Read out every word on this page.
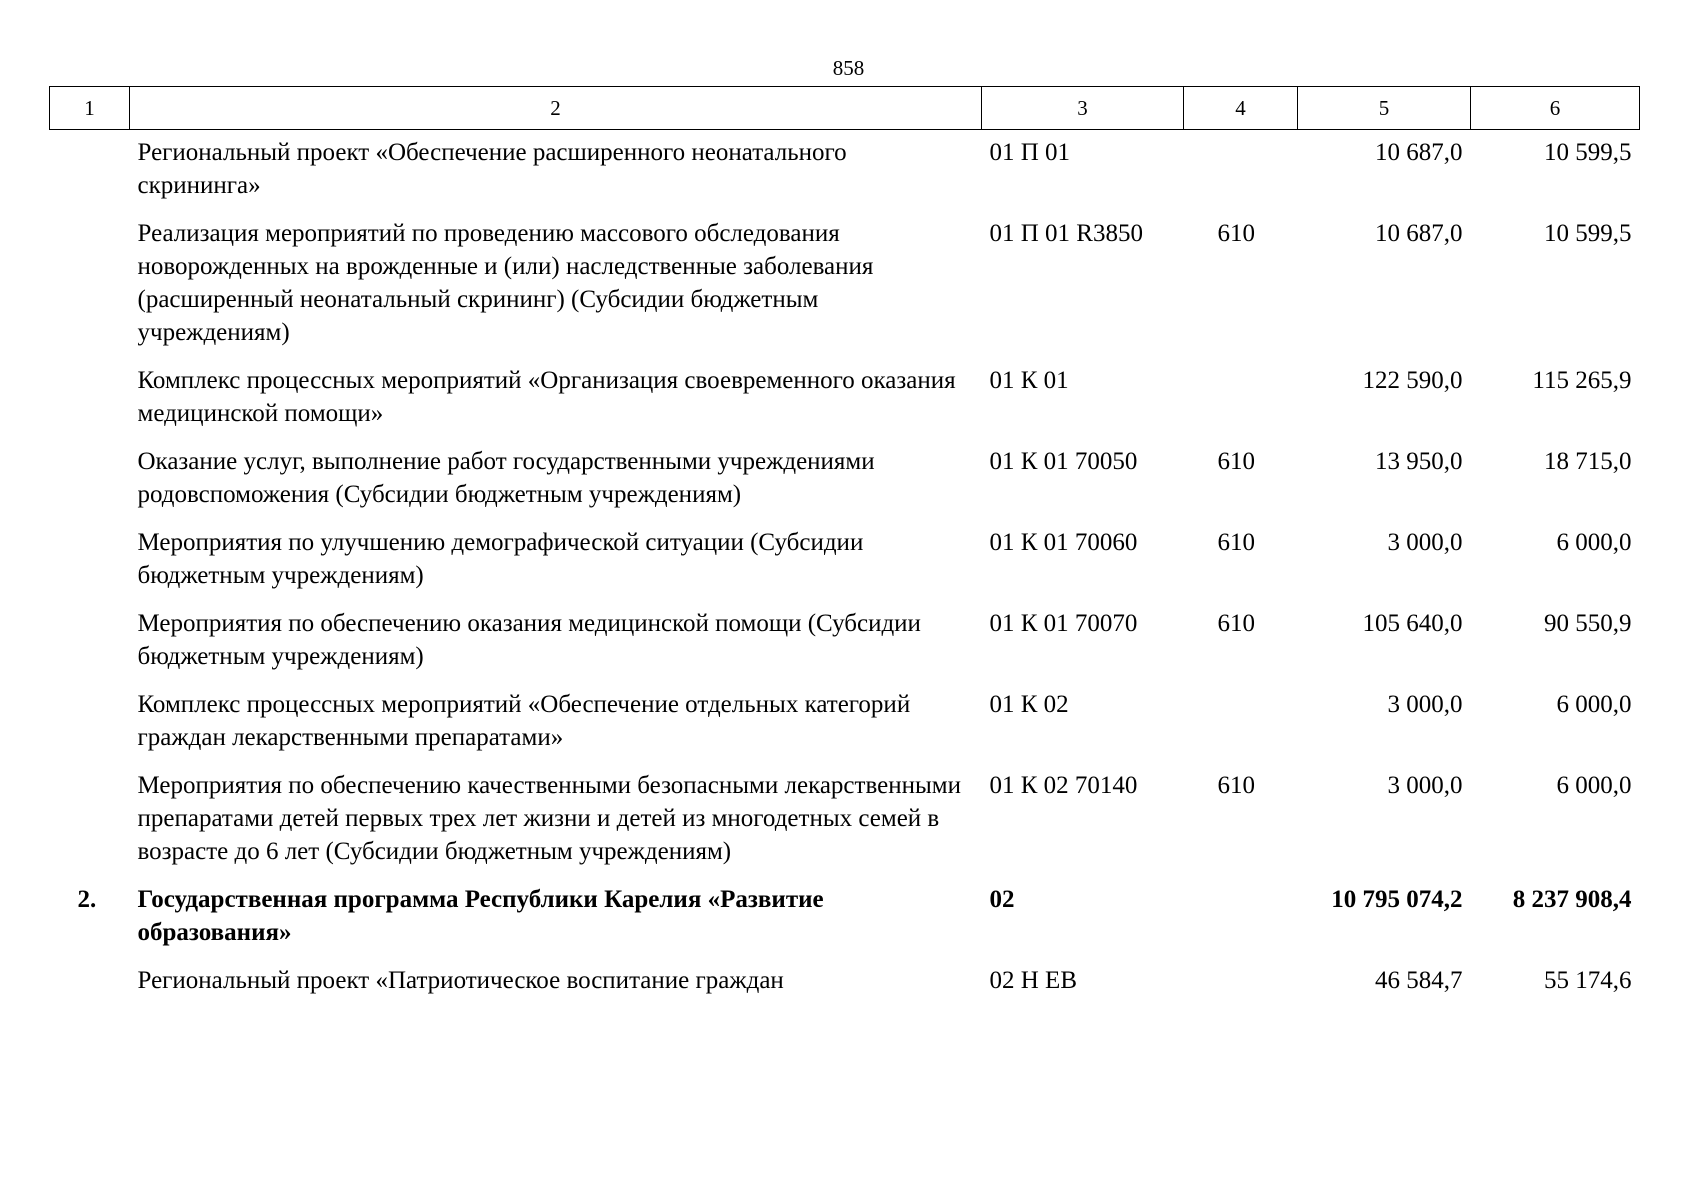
858
1	2	3	4	5	6
	Региональный проект «Обеспечение расширенного неонатального скрининга»	01 П 01		10 687,0	10 599,5
	Реализация мероприятий по проведению массового обследования новорожденных на врожденные и (или) наследственные заболевания (расширенный неонатальный скрининг) (Субсидии бюджетным учреждениям)	01 П 01 R3850	610	10 687,0	10 599,5
	Комплекс процессных мероприятий «Организация своевременного оказания медицинской помощи»	01 К 01		122 590,0	115 265,9
	Оказание услуг, выполнение работ государственными учреждениями родовспоможения (Субсидии бюджетным учреждениям)	01 К 01 70050	610	13 950,0	18 715,0
	Мероприятия по улучшению демографической ситуации (Субсидии бюджетным учреждениям)	01 К 01 70060	610	3 000,0	6 000,0
	Мероприятия по обеспечению оказания медицинской помощи (Субсидии бюджетным учреждениям)	01 К 01 70070	610	105 640,0	90 550,9
	Комплекс процессных мероприятий «Обеспечение отдельных категорий граждан лекарственными препаратами»	01 К 02		3 000,0	6 000,0
	Мероприятия по обеспечению качественными безопасными лекарственными препаратами детей первых трех лет жизни и детей из многодетных семей в возрасте до 6 лет (Субсидии бюджетным учреждениям)	01 К 02 70140	610	3 000,0	6 000,0
2.	Государственная программа Республики Карелия «Развитие образования»	02		10 795 074,2	8 237 908,4
	Региональный проект «Патриотическое воспитание граждан	02 Н EВ		46 584,7	55 174,6
